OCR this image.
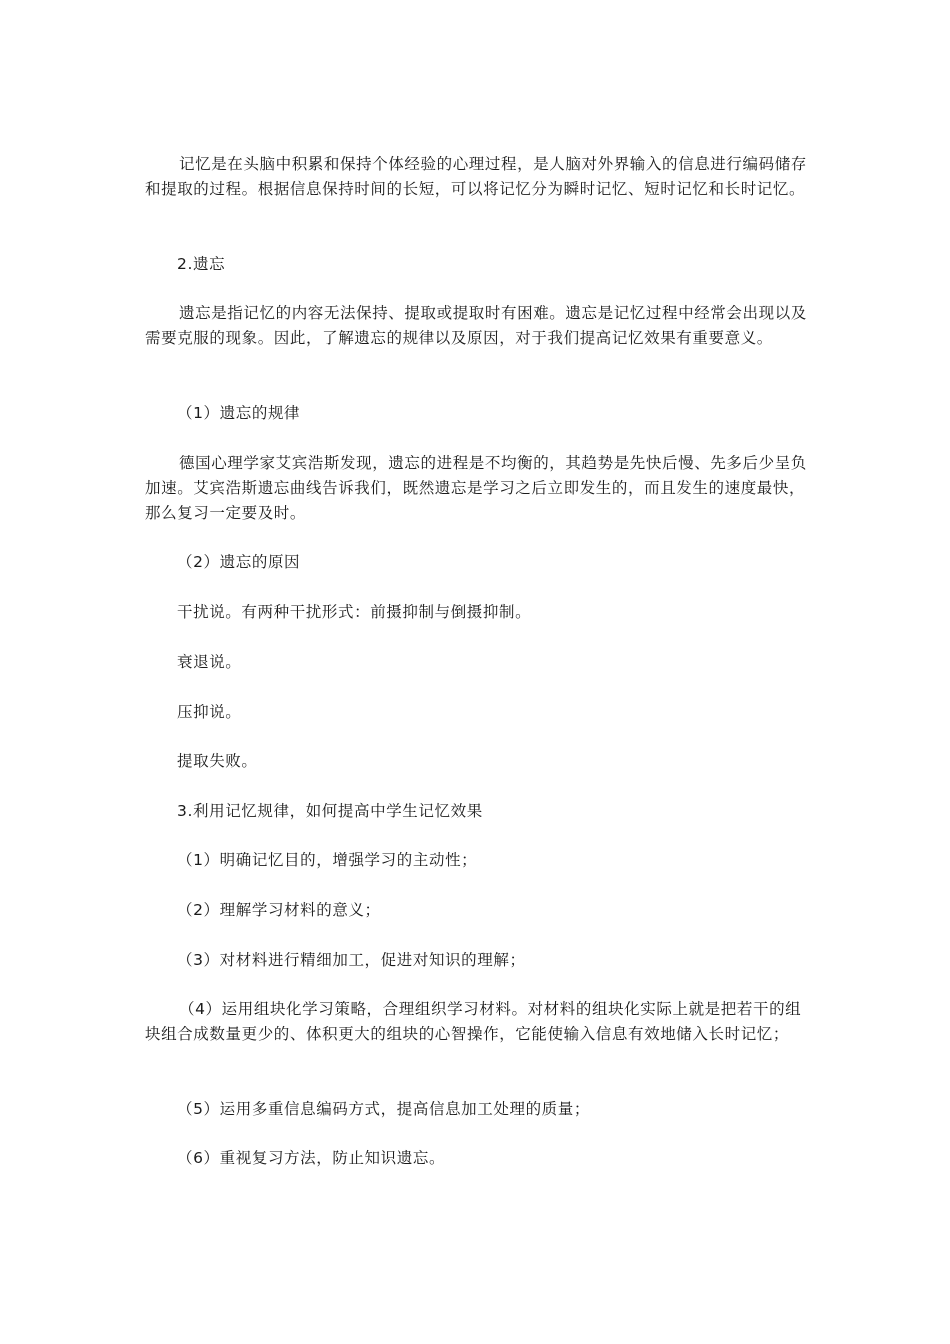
记忆是在头脑中积累和保持个体经验的心理过程，是人脑对外界输入的信息进行编码储存和提取的过程。根据信息保持时间的长短，可以将记忆分为瞬时记忆、短时记忆和长时记忆。

2.遗忘

遗忘是指记忆的内容无法保持、提取或提取时有困难。遗忘是记忆过程中经常会出现以及需要克服的现象。因此，了解遗忘的规律以及原因，对于我们提高记忆效果有重要意义。

（1）遗忘的规律

德国心理学家艾宾浩斯发现，遗忘的进程是不均衡的，其趋势是先快后慢、先多后少呈负加速。艾宾浩斯遗忘曲线告诉我们，既然遗忘是学习之后立即发生的，而且发生的速度最快，那么复习一定要及时。

（2）遗忘的原因

干扰说。有两种干扰形式：前摄抑制与倒摄抑制。

衰退说。

压抑说。

提取失败。

3.利用记忆规律，如何提高中学生记忆效果

（1）明确记忆目的，增强学习的主动性；

（2）理解学习材料的意义；

（3）对材料进行精细加工，促进对知识的理解；

（4）运用组块化学习策略，合理组织学习材料。对材料的组块化实际上就是把若干的组块组合成数量更少的、体积更大的组块的心智操作，它能使输入信息有效地储入长时记忆；

（5）运用多重信息编码方式，提高信息加工处理的质量；

（6）重视复习方法，防止知识遗忘。
